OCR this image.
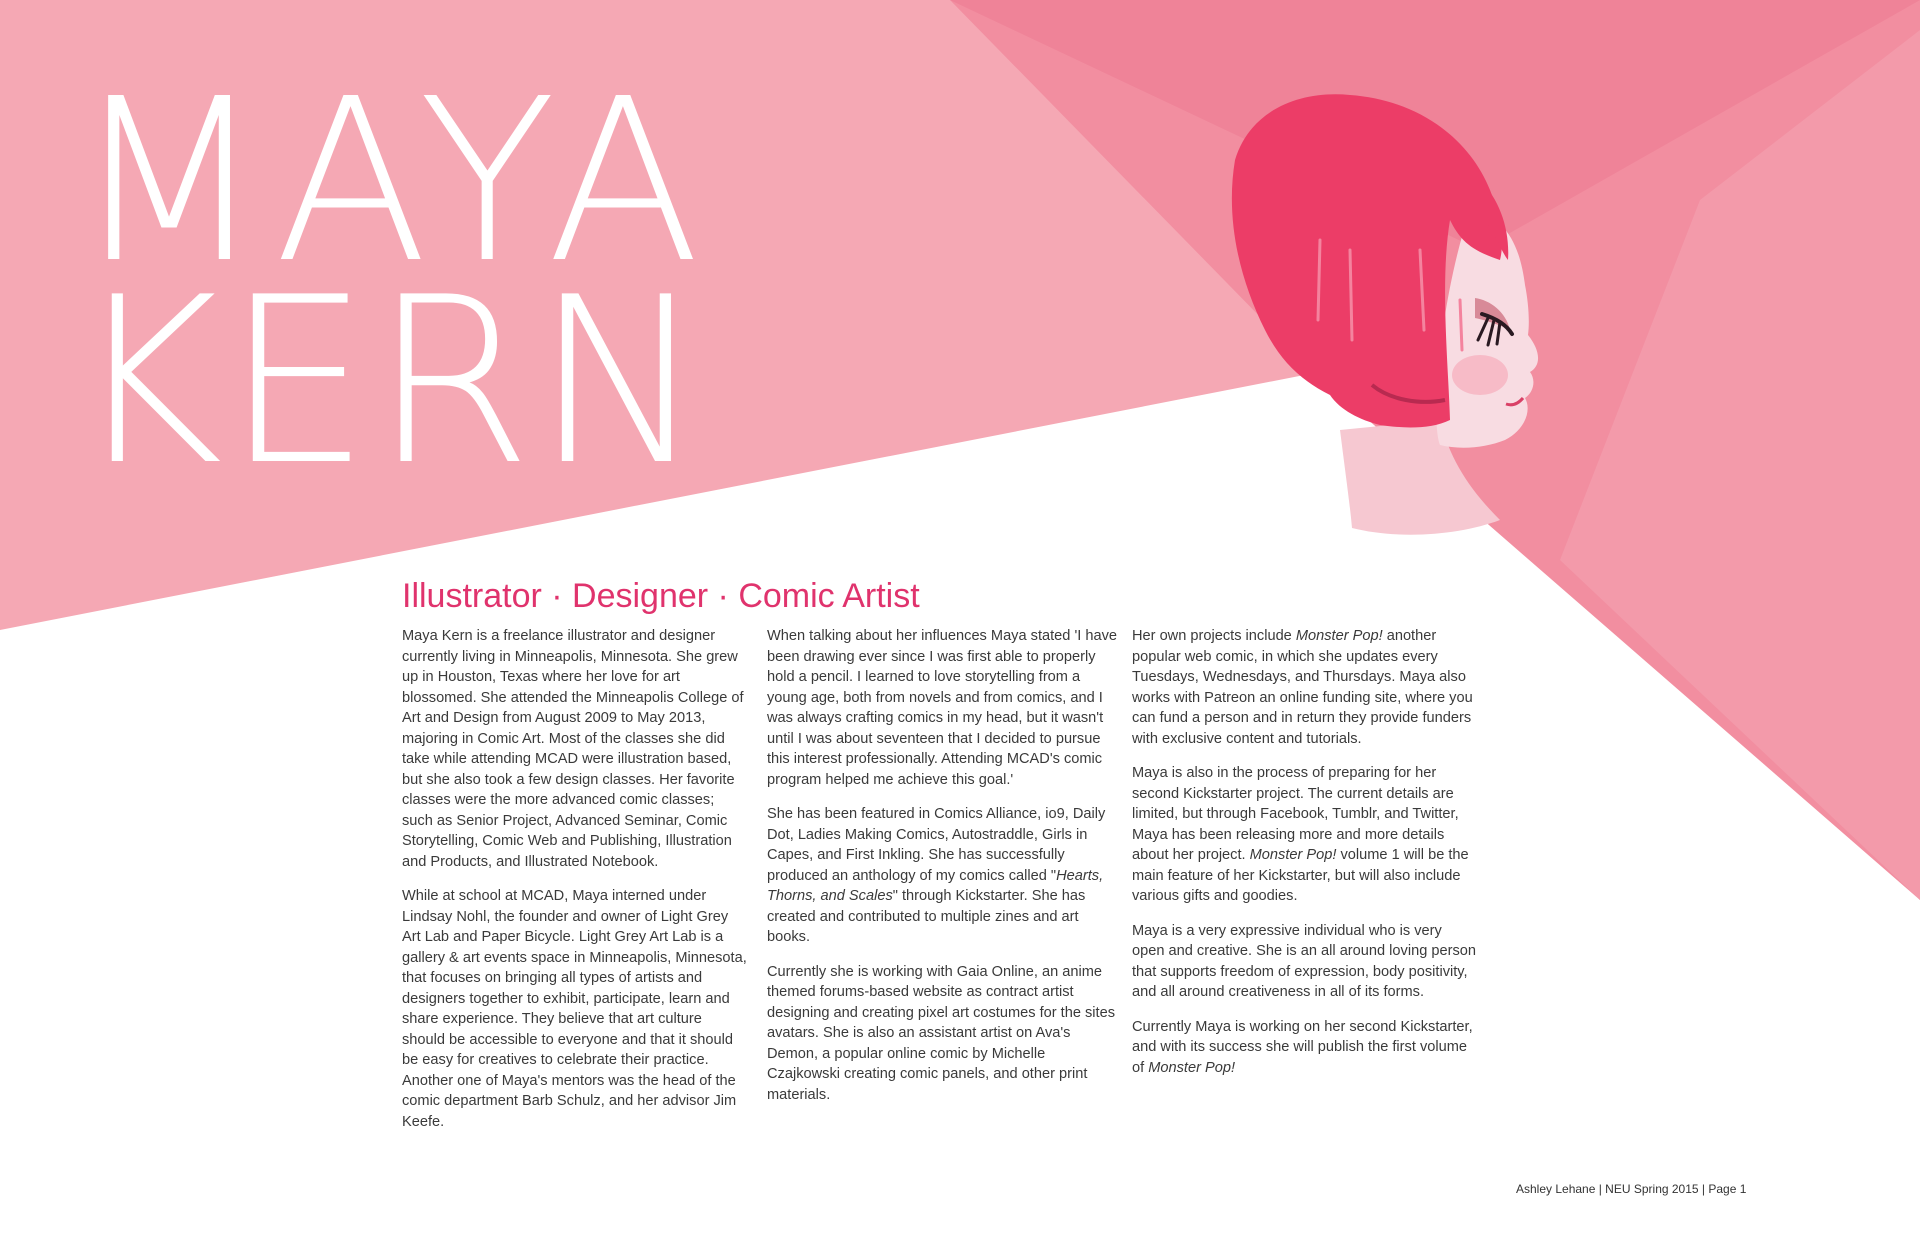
MAYA
KERN
Illustrator · Designer · Comic Artist

Maya Kern is a freelance illustrator and designer currently living in Minneapolis, Minnesota. She grew up in Houston, Texas where her love for art blossomed. She attended the Minneapolis College of Art and Design from August 2009 to May 2013, majoring in Comic Art. Most of the classes she did take while attending MCAD were illustration based, but she also took a few design classes. Her favorite classes were the more advanced comic classes; such as Senior Project, Advanced Seminar, Comic Storytelling, Comic Web and Publishing, Illustration and Products, and Illustrated Notebook.

While at school at MCAD, Maya interned under Lindsay Nohl, the founder and owner of Light Grey Art Lab and Paper Bicycle. Light Grey Art Lab is a gallery & art events space in Minneapolis, Minnesota, that focuses on bringing all types of artists and designers together to exhibit, participate, learn and share experience. They believe that art culture should be accessible to everyone and that it should be easy for creatives to celebrate their practice. Another one of Maya's mentors was the head of the comic department Barb Schulz, and her advisor Jim Keefe.

When talking about her influences Maya stated 'I have been drawing ever since I was first able to properly hold a pencil. I learned to love storytelling from a young age, both from novels and from comics, and I was always crafting comics in my head, but it wasn't until I was about seventeen that I decided to pursue this interest professionally. Attending MCAD's comic program helped me achieve this goal.'

She has been featured in Comics Alliance, io9, Daily Dot, Ladies Making Comics, Autostraddle, Girls in Capes, and First Inkling. She has successfully produced an anthology of my comics called "Hearts, Thorns, and Scales" through Kickstarter. She has created and contributed to multiple zines and art books.

Currently she is working with Gaia Online, an anime themed forums-based website as contract artist designing and creating pixel art costumes for the sites avatars. She is also an assistant artist on Ava's Demon, a popular online comic by Michelle Czajkowski creating comic panels, and other print materials.

Her own projects include Monster Pop! another popular web comic, in which she updates every Tuesdays, Wednesdays, and Thursdays. Maya also works with Patreon an online funding site, where you can fund a person and in return they provide funders with exclusive content and tutorials.

Maya is also in the process of preparing for her second Kickstarter project. The current details are limited, but through Facebook, Tumblr, and Twitter, Maya has been releasing more and more details about her project. Monster Pop! volume 1 will be the main feature of her Kickstarter, but will also include various gifts and goodies.

Maya is a very expressive individual who is very open and creative. She is an all around loving person that supports freedom of expression, body positivity, and all around creativeness in all of its forms.

Currently Maya is working on her second Kickstarter, and with its success she will publish the first volume of Monster Pop!

Ashley Lehane | NEU Spring 2015 | Page 1
